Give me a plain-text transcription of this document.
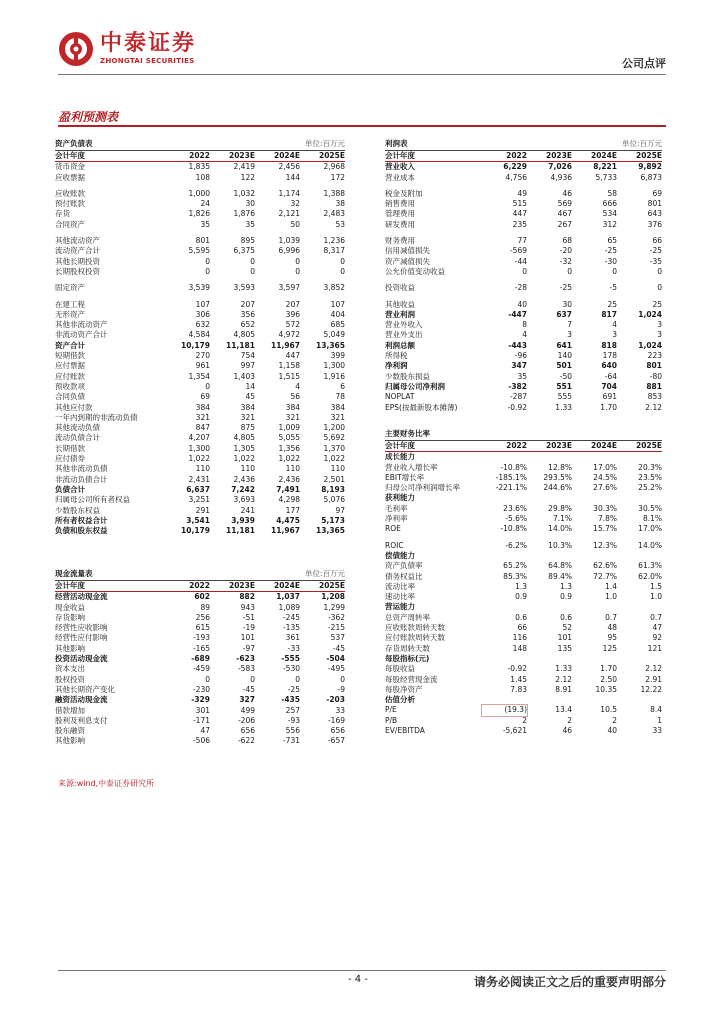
中泰证券
ZHONGTAI SECURITIES	公司点评
盈利预测表
资产负债表	单位:百万元
会计年度	2022	2023E	2024E	2025E
货币资金	1,835	2,419	2,456	2,968
应收票据	108	122	144	172
应收账款	1,000	1,032	1,174	1,388
预付账款	24	30	32	38
存货	1,826	1,876	2,121	2,483
合同资产	35	35	50	53
其他流动资产	801	895	1,039	1,236
流动资产合计	5,595	6,375	6,996	8,317
其他长期投资	0	0	0	0
长期股权投资	0	0	0	0
固定资产	3,539	3,593	3,597	3,852
在建工程	107	207	207	107
无形资产	306	356	396	404
其他非流动资产	632	652	572	685
非流动资产合计	4,584	4,805	4,972	5,049
资产合计	10,179	11,181	11,967	13,365
短期借款	270	754	447	399
应付票据	961	997	1,158	1,300
应付账款	1,354	1,403	1,515	1,916
预收款项	0	14	4	6
合同负债	69	45	56	78
其他应付款	384	384	384	384
一年内到期的非流动负债	321	321	321	321
其他流动负债	847	875	1,009	1,200
流动负债合计	4,207	4,805	5,055	5,692
长期借款	1,300	1,305	1,356	1,370
应付债券	1,022	1,022	1,022	1,022
其他非流动负债	110	110	110	110
非流动负债合计	2,431	2,436	2,436	2,501
负债合计	6,637	7,242	7,491	8,193
归属母公司所有者权益	3,251	3,693	4,298	5,076
少数股东权益	291	241	177	97
所有者权益合计	3,541	3,939	4,475	5,173
负债和股东权益	10,179	11,181	11,967	13,365
利润表	单位:百万元
会计年度	2022	2023E	2024E	2025E
营业收入	6,229	7,026	8,221	9,892
营业成本	4,756	4,936	5,733	6,873
税金及附加	49	46	58	69
销售费用	515	569	666	801
管理费用	447	467	534	643
研发费用	235	267	312	376
财务费用	77	68	65	66
信用减值损失	-569	-20	-25	-25
资产减值损失	-44	-32	-30	-35
公允价值变动收益	0	0	0	0
投资收益	-28	-25	-5	0
其他收益	40	30	25	25
营业利润	-447	637	817	1,024
营业外收入	8	7	4	3
营业外支出	4	3	3	3
利润总额	-443	641	818	1,024
所得税	-96	140	178	223
净利润	347	501	640	801
少数股东损益	35	-50	-64	-80
归属母公司净利润	-382	551	704	881
NOPLAT	-287	555	691	853
EPS(按最新股本摊薄)	-0.92	1.33	1.70	2.12
现金流量表	单位:百万元
会计年度	2022	2023E	2024E	2025E
经营活动现金流	602	882	1,037	1,208
现金收益	89	943	1,089	1,299
存货影响	256	-51	-245	-362
经营性应收影响	615	-19	-135	-215
经营性应付影响	-193	101	361	537
其他影响	-165	-97	-33	-45
投资活动现金流	-689	-623	-555	-504
资本支出	-459	-583	-530	-495
股权投资	0	0	0	0
其他长期资产变化	-230	-45	-25	-9
融资活动现金流	-329	327	-435	-203
借款增加	301	499	257	33
股利及利息支付	-171	-206	-93	-169
股东融资	47	656	556	656
其他影响	-506	-622	-731	-657
主要财务比率
会计年度	2022	2023E	2024E	2025E
成长能力
营业收入增长率	-10.8%	12.8%	17.0%	20.3%
EBIT增长率	-185.1%	293.5%	24.5%	23.5%
归母公司净利润增长率	-221.1%	244.6%	27.6%	25.2%
获利能力
毛利率	23.6%	29.8%	30.3%	30.5%
净利率	-5.6%	7.1%	7.8%	8.1%
ROE	-10.8%	14.0%	15.7%	17.0%
ROIC	-6.2%	10.3%	12.3%	14.0%
偿债能力
资产负债率	65.2%	64.8%	62.6%	61.3%
债务权益比	85.3%	89.4%	72.7%	62.0%
流动比率	1.3	1.3	1.4	1.5
速动比率	0.9	0.9	1.0	1.0
营运能力
总资产周转率	0.6	0.6	0.7	0.7
应收账款周转天数	66	52	48	47
应付账款周转天数	116	101	95	92
存货周转天数	148	135	125	121
每股指标(元)
每股收益	-0.92	1.33	1.70	2.12
每股经营现金流	1.45	2.12	2.50	2.91
每股净资产	7.83	8.91	10.35	12.22
估值分析
P/E	(19.3)	13.4	10.5	8.4
P/B	2	2	2	1
EV/EBITDA	-5,621	46	40	33
来源:wind,中泰证券研究所
- 4 -	请务必阅读正文之后的重要声明部分
